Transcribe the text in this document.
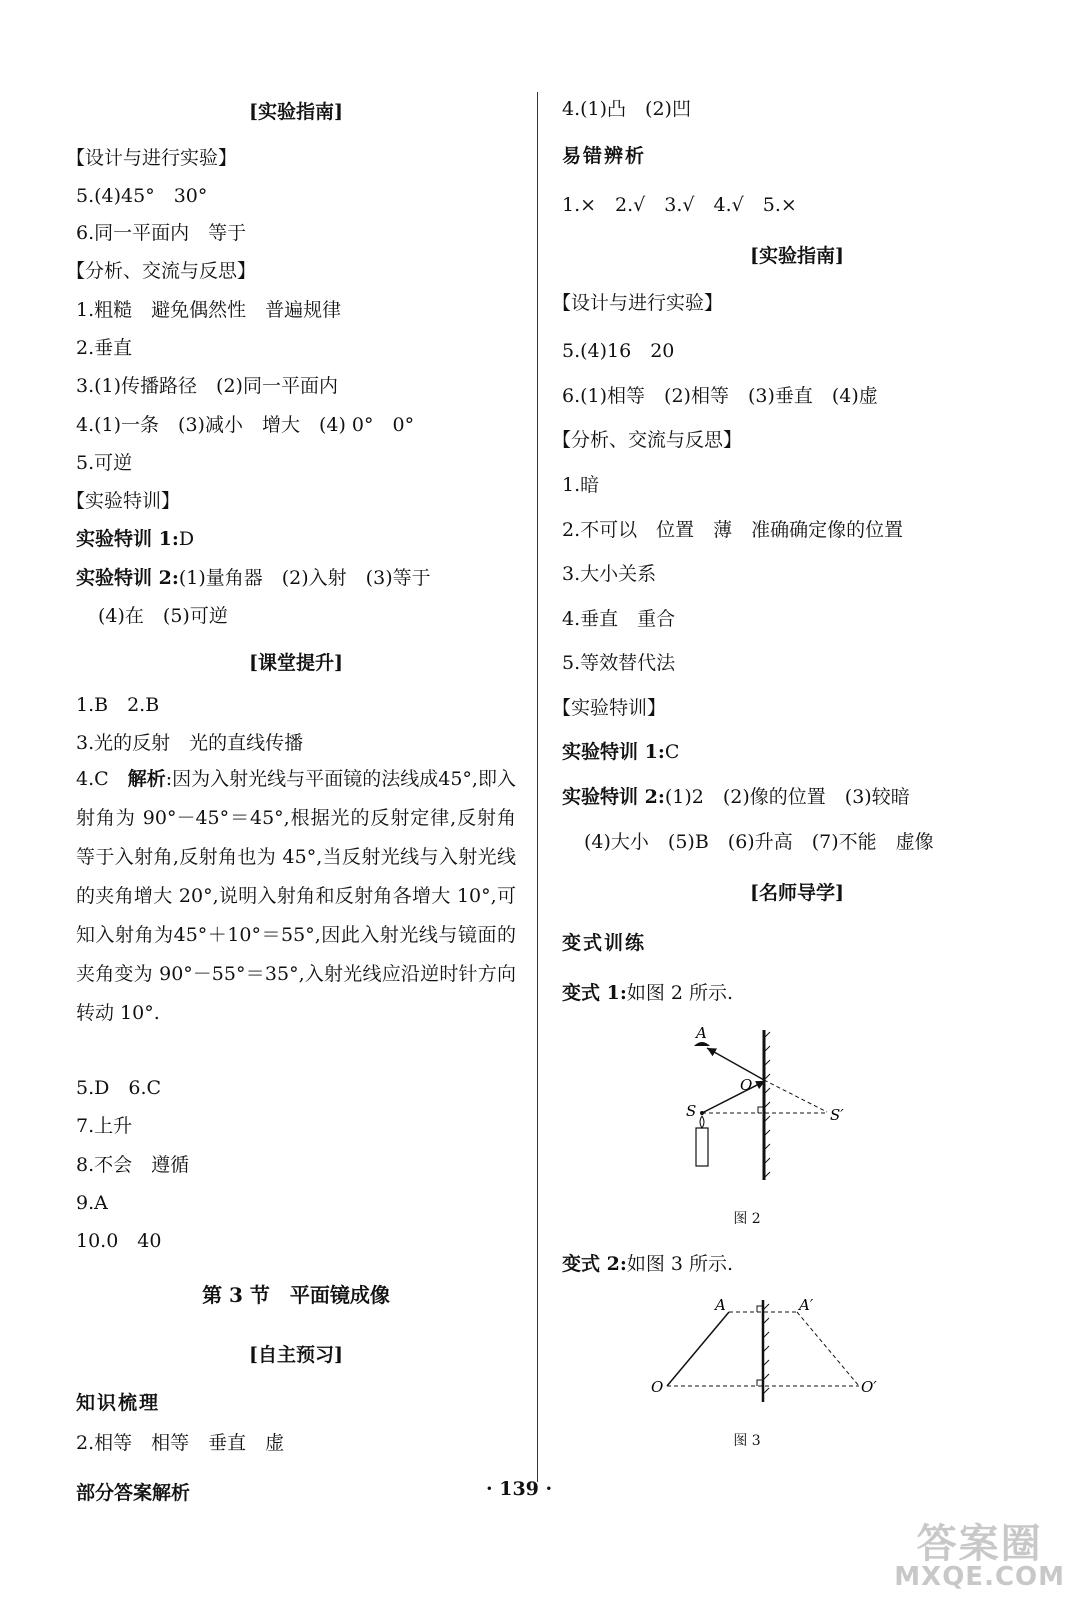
[实验指南]
【设计与进行实验】
5.(4)45°　30°
6.同一平面内　等于
【分析、交流与反思】
1.粗糙　避免偶然性　普遍规律
2.垂直
3.(1)传播路径　(2)同一平面内
4.(1)一条　(3)减小　增大　(4) 0°　0°
5.可逆
【实验特训】
实验特训 1:D
实验特训 2:(1)量角器　(2)入射　(3)等于
(4)在　(5)可逆
[课堂提升]
1.B　2.B
3.光的反射　光的直线传播
4.C　解析:因为入射光线与平面镜的法线成45°,即入射角为 90°－45°＝45°,根据光的反射定律,反射角等于入射角,反射角也为 45°,当反射光线与入射光线的夹角增大 20°,说明入射角和反射角各增大 10°,可知入射角为45°＋10°＝55°,因此入射光线与镜面的夹角变为 90°－55°＝35°,入射光线应沿逆时针方向转动 10°.
5.D　6.C
7.上升
8.不会　遵循
9.A
10.0　40
第 3 节　平面镜成像
[自主预习]
知识梳理
2.相等　相等　垂直　虚
4.(1)凸　(2)凹
易错辨析
1.×　2.√　3.√　4.√　5.×
[实验指南]
【设计与进行实验】
5.(4)16　20
6.(1)相等　(2)相等　(3)垂直　(4)虚
【分析、交流与反思】
1.暗
2.不可以　位置　薄　准确确定像的位置
3.大小关系
4.垂直　重合
5.等效替代法
【实验特训】
实验特训 1:C
实验特训 2:(1)2　(2)像的位置　(3)较暗
(4)大小　(5)B　(6)升高　(7)不能　虚像
[名师导学]
变式训练
变式 1:如图 2 所示.
A
O
S	S′
图 2
变式 2:如图 3 所示.
A	A′
O	O′
图 3
部分答案解析	· 139 ·
答案圈
MXQE.COM
